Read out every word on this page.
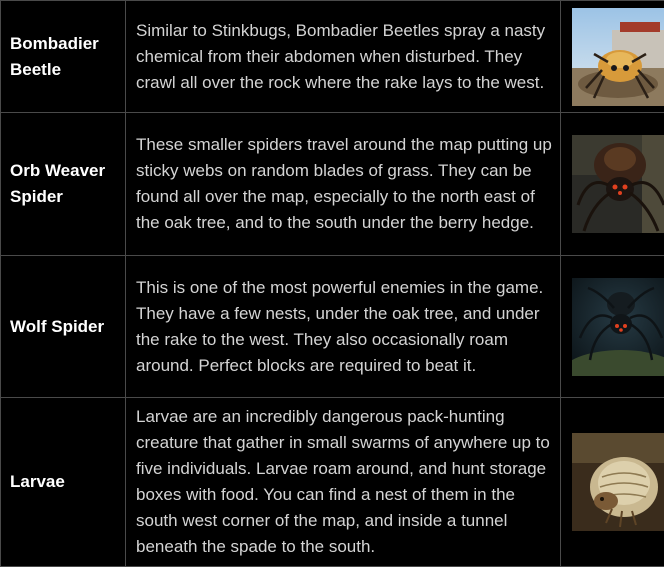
Bombadier Beetle	Similar to Stinkbugs, Bombadier Beetles spray a nasty chemical from their abdomen when disturbed. They crawl all over the rock where the rake lays to the west.	

Orb Weaver Spider	These smaller spiders travel around the map putting up sticky webs on random blades of grass. They can be found all over the map, especially to the north east of the oak tree, and to the south under the berry hedge.	

Wolf Spider	This is one of the most powerful enemies in the game. They have a few nests, under the oak tree, and under the rake to the west. They also occasionally roam around. Perfect blocks are required to beat it.	

Larvae	Larvae are an incredibly dangerous pack-hunting creature that gather in small swarms of anywhere up to five individuals. Larvae roam around, and hunt storage boxes with food. You can find a nest of them in the south west corner of the map, and inside a tunnel beneath the spade to the south.	
